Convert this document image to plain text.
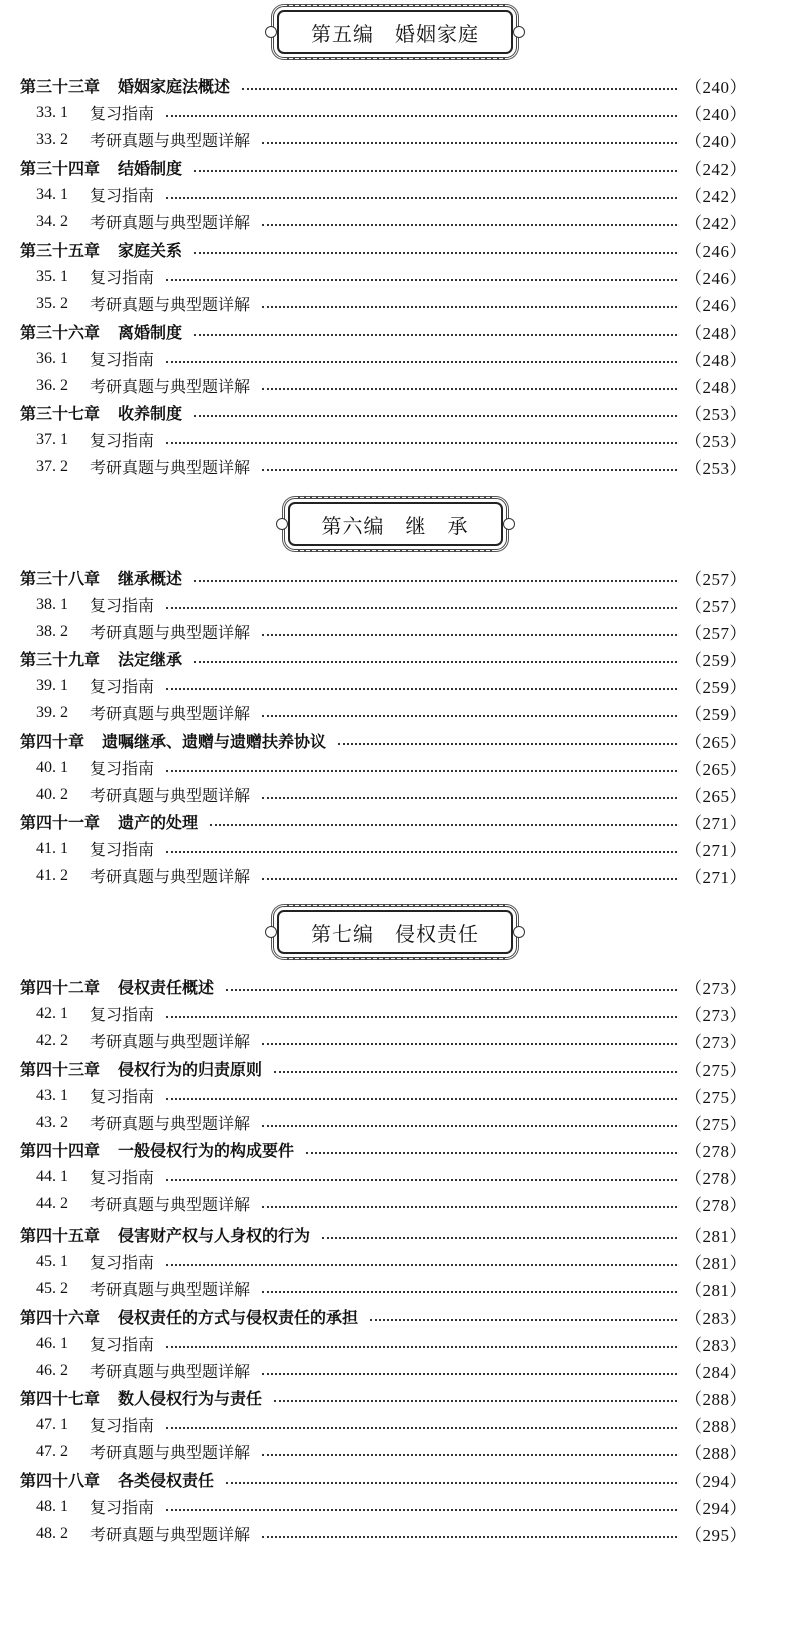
第五编　婚姻家庭
第三十三章 婚姻家庭法概述	（240）
33. 1	复习指南	（240）
33. 2	考研真题与典型题详解	（240）
第三十四章 结婚制度	（242）
34. 1	复习指南	（242）
34. 2	考研真题与典型题详解	（242）
第三十五章 家庭关系	（246）
35. 1	复习指南	（246）
35. 2	考研真题与典型题详解	（246）
第三十六章 离婚制度	（248）
36. 1	复习指南	（248）
36. 2	考研真题与典型题详解	（248）
第三十七章 收养制度	（253）
37. 1	复习指南	（253）
37. 2	考研真题与典型题详解	（253）
第六编　继　承
第三十八章 继承概述	（257）
38. 1	复习指南	（257）
38. 2	考研真题与典型题详解	（257）
第三十九章 法定继承	（259）
39. 1	复习指南	（259）
39. 2	考研真题与典型题详解	（259）
第四十章 遗嘱继承、遗赠与遗赠扶养协议	（265）
40. 1	复习指南	（265）
40. 2	考研真题与典型题详解	（265）
第四十一章 遗产的处理	（271）
41. 1	复习指南	（271）
41. 2	考研真题与典型题详解	（271）
第七编　侵权责任
第四十二章 侵权责任概述	（273）
42. 1	复习指南	（273）
42. 2	考研真题与典型题详解	（273）
第四十三章 侵权行为的归责原则	（275）
43. 1	复习指南	（275）
43. 2	考研真题与典型题详解	（275）
第四十四章 一般侵权行为的构成要件	（278）
44. 1	复习指南	（278）
44. 2	考研真题与典型题详解	（278）
第四十五章 侵害财产权与人身权的行为	（281）
45. 1	复习指南	（281）
45. 2	考研真题与典型题详解	（281）
第四十六章 侵权责任的方式与侵权责任的承担	（283）
46. 1	复习指南	（283）
46. 2	考研真题与典型题详解	（284）
第四十七章 数人侵权行为与责任	（288）
47. 1	复习指南	（288）
47. 2	考研真题与典型题详解	（288）
第四十八章 各类侵权责任	（294）
48. 1	复习指南	（294）
48. 2	考研真题与典型题详解	（295）
